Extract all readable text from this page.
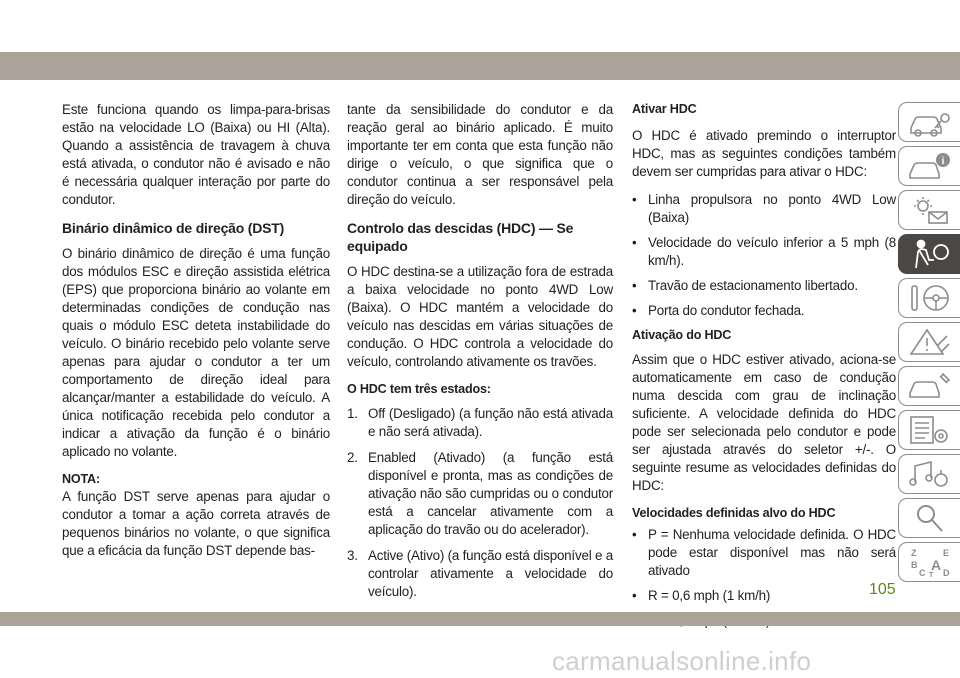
Este funciona quando os limpa-para-brisas estão na velocidade LO (Baixa) ou HI (Alta). Quando a assistência de travagem à chuva está ativada, o condutor não é avisado e não é necessária qualquer interação por parte do condutor.

Binário dinâmico de direção (DST)

O binário dinâmico de direção é uma função dos módulos ESC e direção assistida elétrica (EPS) que proporciona binário ao volante em determinadas condições de condução nas quais o módulo ESC deteta instabilidade do veículo. O binário recebido pelo volante serve apenas para ajudar o condutor a ter um comportamento de direção ideal para alcançar/manter a estabilidade do veículo. A única notificação recebida pelo condutor a indicar a ativação da função é o binário aplicado no volante.

NOTA:

A função DST serve apenas para ajudar o condutor a tomar a ação correta através de pequenos binários no volante, o que significa que a eficácia da função DST depende bas-

tante da sensibilidade do condutor e da reação geral ao binário aplicado. É muito importante ter em conta que esta função não dirige o veículo, o que significa que o condutor continua a ser responsável pela direção do veículo.

Controlo das descidas (HDC) — Se equipado

O HDC destina-se a utilização fora de estrada a baixa velocidade no ponto 4WD Low (Baixa). O HDC mantém a velocidade do veículo nas descidas em várias situações de condução. O HDC controla a velocidade do veículo, controlando ativamente os travões.

O HDC tem três estados:
1. Off (Desligado) (a função não está ativada e não será ativada).
2. Enabled (Ativado) (a função está disponível e pronta, mas as condições de ativação não são cumpridas ou o condutor está a cancelar ativamente com a aplicação do travão ou do acelerador).
3. Active (Ativo) (a função está disponível e a controlar ativamente a velocidade do veículo).
Ativar HDC

O HDC é ativado premindo o interruptor HDC, mas as seguintes condições também devem ser cumpridas para ativar o HDC:

• Linha propulsora no ponto 4WD Low (Baixa)
• Velocidade do veículo inferior a 5 mph (8 km/h).
• Travão de estacionamento libertado.
• Porta do condutor fechada.
Ativação do HDC

Assim que o HDC estiver ativado, aciona-se automaticamente em caso de condução numa descida com grau de inclinação suficiente. A velocidade definida do HDC pode ser selecionada pelo condutor e pode ser ajustada através do seletor +/-. O seguinte resume as velocidades definidas do HDC:

Velocidades definidas alvo do HDC
• P = Nenhuma velocidade definida. O HDC pode estar disponível mas não será ativado
• R = 0,6 mph (1 km/h)
•
i
Z	E
B A
C D
T
105
carmanualsonline.info
